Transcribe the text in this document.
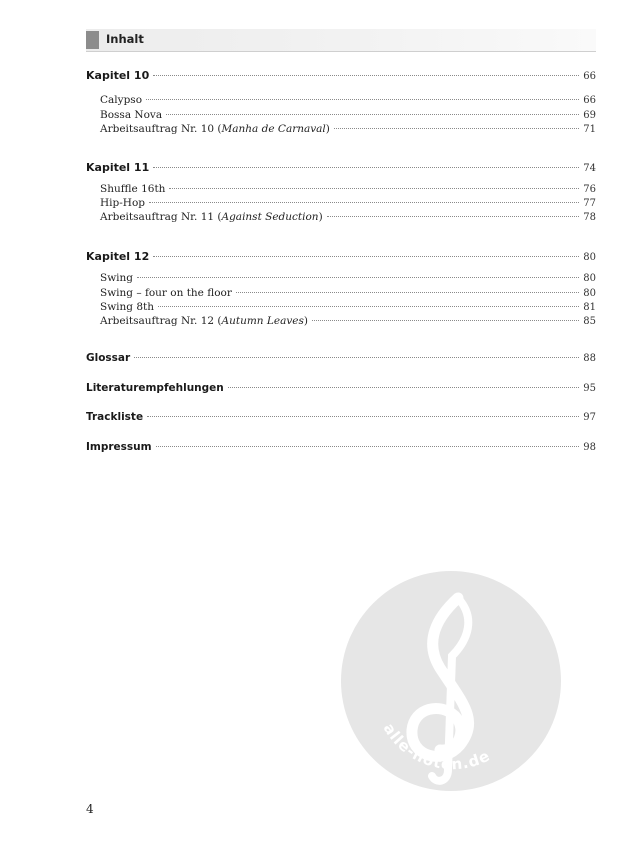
Inhalt
Kapitel 10	66
Calypso	66
Bossa Nova	69
Arbeitsauftrag Nr. 10 (Manha de Carnaval)	71
Kapitel 11	74
Shuffle 16th	76
Hip-Hop	77
Arbeitsauftrag Nr. 11 (Against Seduction)	78
Kapitel 12	80
Swing	80
Swing – four on the floor	80
Swing 8th	81
Arbeitsauftrag Nr. 12 (Autumn Leaves)	85
Glossar	88
Literaturempfehlungen	95
Trackliste	97
Impressum	98
4
alle-noten.de
